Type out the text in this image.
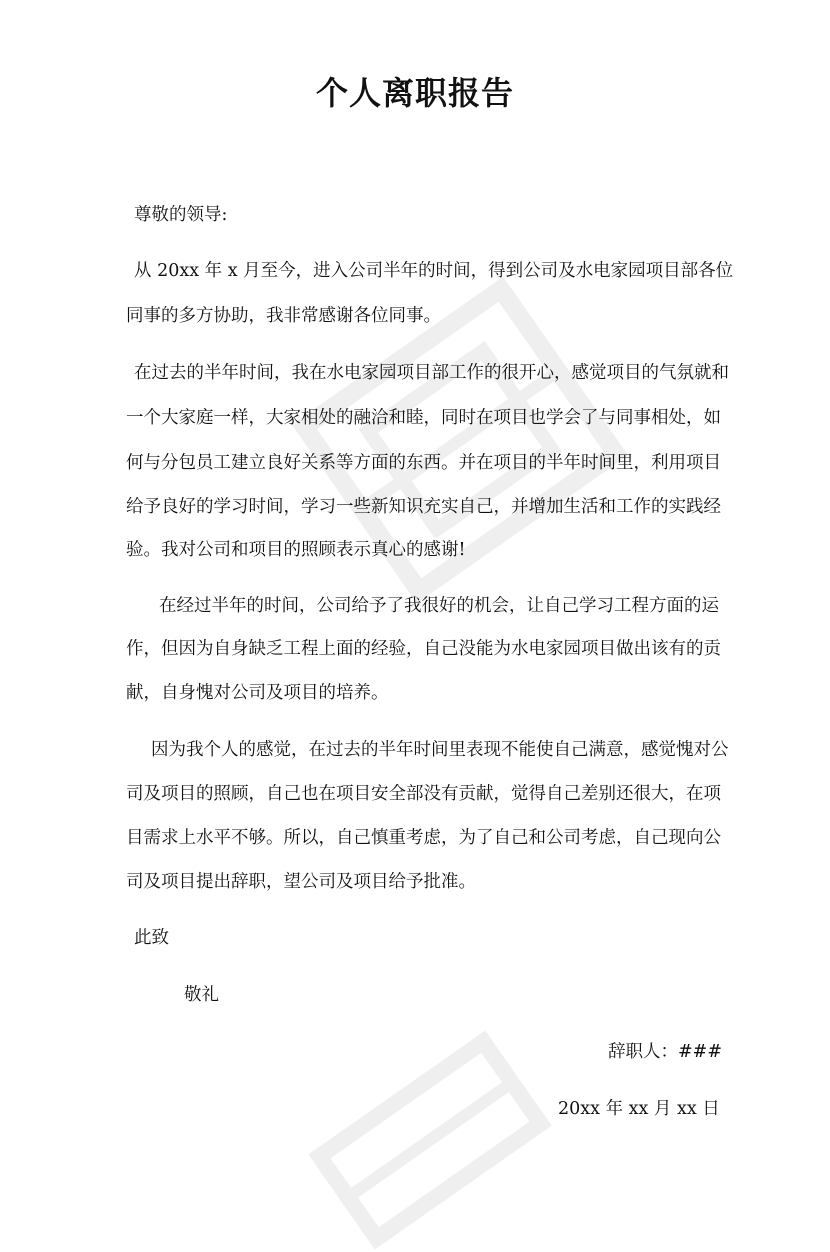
个人离职报告
尊敬的领导:
从 20xx 年 x 月至今，进入公司半年的时间，得到公司及水电家园项目部各位
同事的多方协助，我非常感谢各位同事。
在过去的半年时间，我在水电家园项目部工作的很开心，感觉项目的气氛就和
一个大家庭一样，大家相处的融洽和睦，同时在项目也学会了与同事相处，如
何与分包员工建立良好关系等方面的东西。并在项目的半年时间里，利用项目
给予良好的学习时间，学习一些新知识充实自己，并增加生活和工作的实践经
验。我对公司和项目的照顾表示真心的感谢!
在经过半年的时间，公司给予了我很好的机会，让自己学习工程方面的运
作，但因为自身缺乏工程上面的经验，自己没能为水电家园项目做出该有的贡
献，自身愧对公司及项目的培养。
因为我个人的感觉，在过去的半年时间里表现不能使自己满意，感觉愧对公
司及项目的照顾，自己也在项目安全部没有贡献，觉得自己差别还很大，在项
目需求上水平不够。所以，自己慎重考虑，为了自己和公司考虑，自己现向公
司及项目提出辞职，望公司及项目给予批准。
此致
敬礼
辞职人：###
20xx 年 xx 月 xx 日
